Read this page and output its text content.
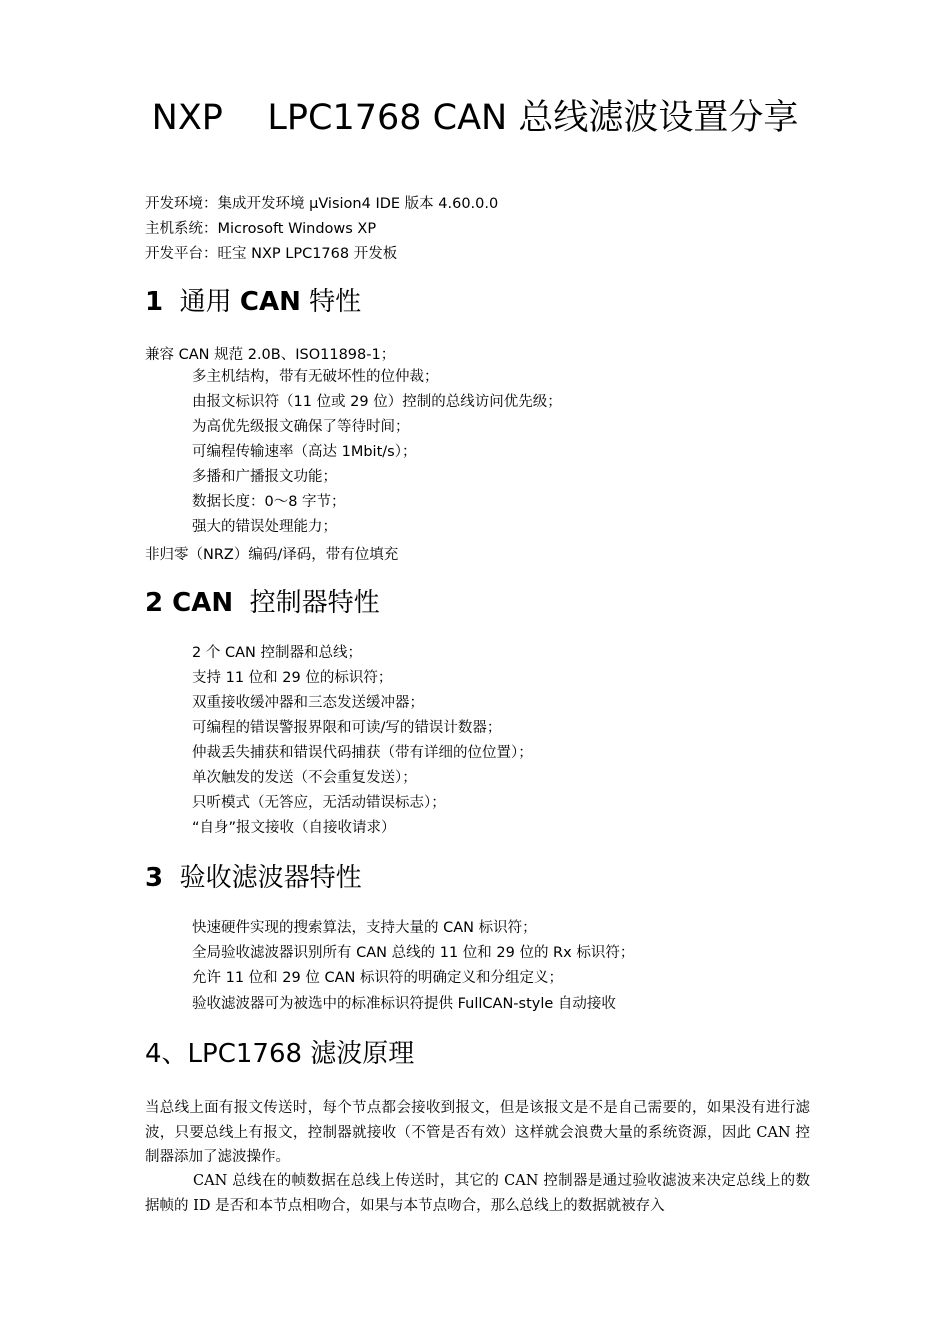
NXP    LPC1768 CAN 总线滤波设置分享
开发环境：集成开发环境 μVision4 IDE 版本 4.60.0.0
主机系统：Microsoft Windows XP
开发平台：旺宝 NXP LPC1768 开发板
1 通用 CAN 特性
兼容 CAN 规范 2.0B、ISO11898-1；
多主机结构，带有无破坏性的位仲裁；
由报文标识符（11 位或 29 位）控制的总线访问优先级；
为高优先级报文确保了等待时间；
可编程传输速率（高达 1Mbit/s）；
多播和广播报文功能；
数据长度：0～8 字节；
强大的错误处理能力；
非归零（NRZ）编码/译码，带有位填充
2 CAN 控制器特性
2 个 CAN 控制器和总线；
支持 11 位和 29 位的标识符；
双重接收缓冲器和三态发送缓冲器；
可编程的错误警报界限和可读/写的错误计数器；
仲裁丢失捕获和错误代码捕获（带有详细的位位置）；
单次触发的发送（不会重复发送）；
只听模式（无答应，无活动错误标志）；
“自身”报文接收（自接收请求）
3 验收滤波器特性
快速硬件实现的搜索算法，支持大量的 CAN 标识符；
全局验收滤波器识别所有 CAN 总线的 11 位和 29 位的 Rx 标识符；
允许 11 位和 29 位 CAN 标识符的明确定义和分组定义；
验收滤波器可为被选中的标准标识符提供 FullCAN-style 自动接收
4、LPC1768 滤波原理
当总线上面有报文传送时，每个节点都会接收到报文，但是该报文是不是自己需要的，如果没有进行滤波，只要总线上有报文，控制器就接收（不管是否有效）这样就会浪费大量的系统资源，因此 CAN 控制器添加了滤波操作。
CAN 总线在的帧数据在总线上传送时，其它的 CAN 控制器是通过验收滤波来决定总线上的数据帧的 ID 是否和本节点相吻合，如果与本节点吻合，那么总线上的数据就被存入
